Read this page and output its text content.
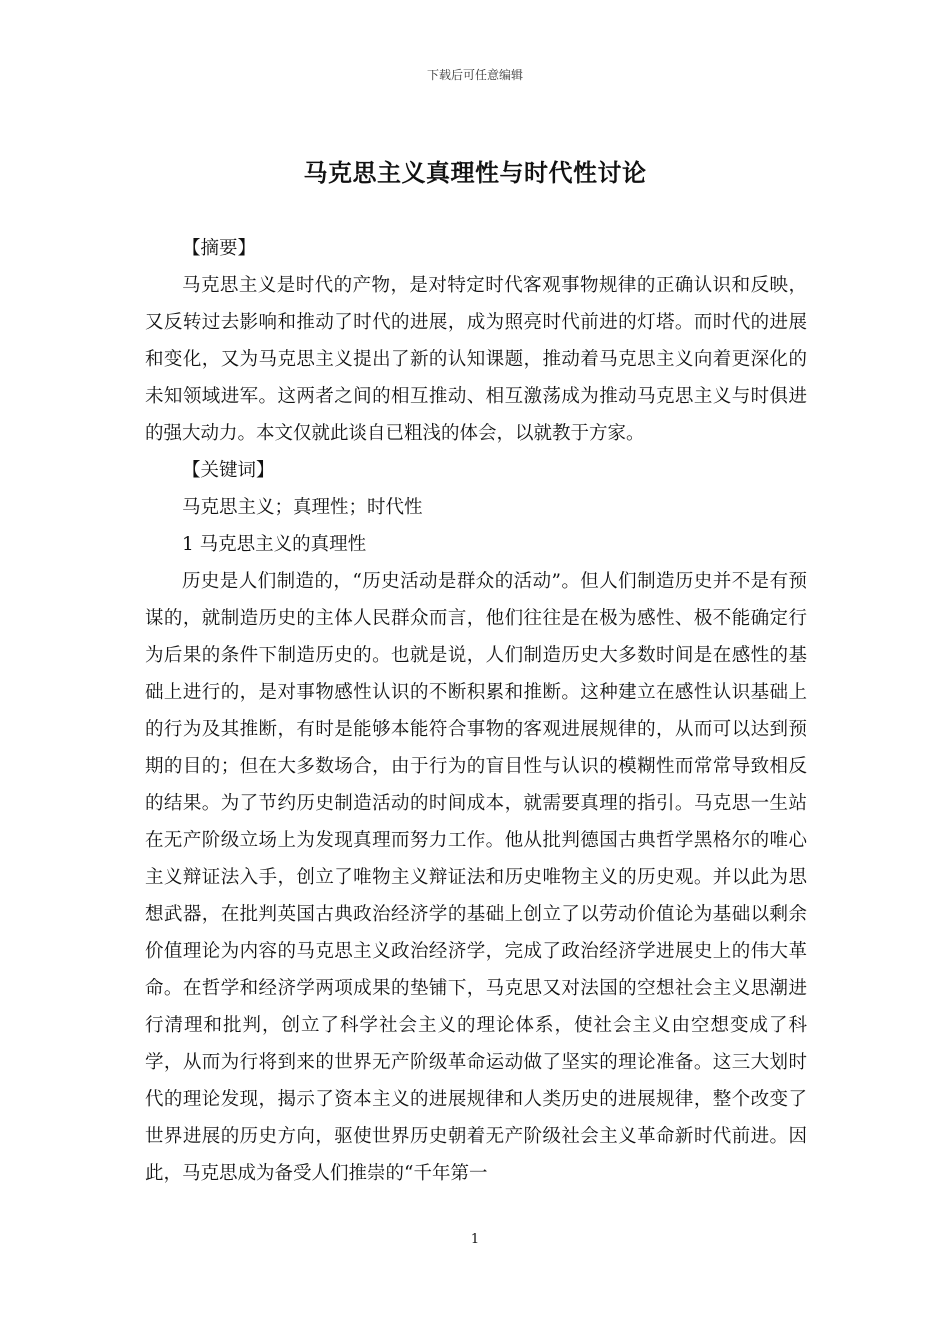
下载后可任意编辑
马克思主义真理性与时代性讨论

【摘要】

马克思主义是时代的产物，是对特定时代客观事物规律的正确认识和反映，又反转过去影响和推动了时代的进展，成为照亮时代前进的灯塔。而时代的进展和变化，又为马克思主义提出了新的认知课题，推动着马克思主义向着更深化的未知领域进军。这两者之间的相互推动、相互激荡成为推动马克思主义与时俱进的强大动力。本文仅就此谈自已粗浅的体会，以就教于方家。

【关键词】

马克思主义；真理性；时代性

1 马克思主义的真理性

历史是人们制造的，“历史活动是群众的活动”。但人们制造历史并不是有预谋的，就制造历史的主体人民群众而言，他们往往是在极为感性、极不能确定行为后果的条件下制造历史的。也就是说，人们制造历史大多数时间是在感性的基础上进行的，是对事物感性认识的不断积累和推断。这种建立在感性认识基础上的行为及其推断，有时是能够本能符合事物的客观进展规律的，从而可以达到预期的目的；但在大多数场合，由于行为的盲目性与认识的模糊性而常常导致相反的结果。为了节约历史制造活动的时间成本，就需要真理的指引。马克思一生站在无产阶级立场上为发现真理而努力工作。他从批判德国古典哲学黑格尔的唯心主义辩证法入手，创立了唯物主义辩证法和历史唯物主义的历史观。并以此为思想武器，在批判英国古典政治经济学的基础上创立了以劳动价值论为基础以剩余价值理论为内容的马克思主义政治经济学，完成了政治经济学进展史上的伟大革命。在哲学和经济学两项成果的垫铺下，马克思又对法国的空想社会主义思潮进行清理和批判，创立了科学社会主义的理论体系，使社会主义由空想变成了科学，从而为行将到来的世界无产阶级革命运动做了坚实的理论准备。这三大划时代的理论发现，揭示了资本主义的进展规律和人类历史的进展规律，整个改变了世界进展的历史方向，驱使世界历史朝着无产阶级社会主义革命新时代前进。因此，马克思成为备受人们推崇的“千年第一

1
